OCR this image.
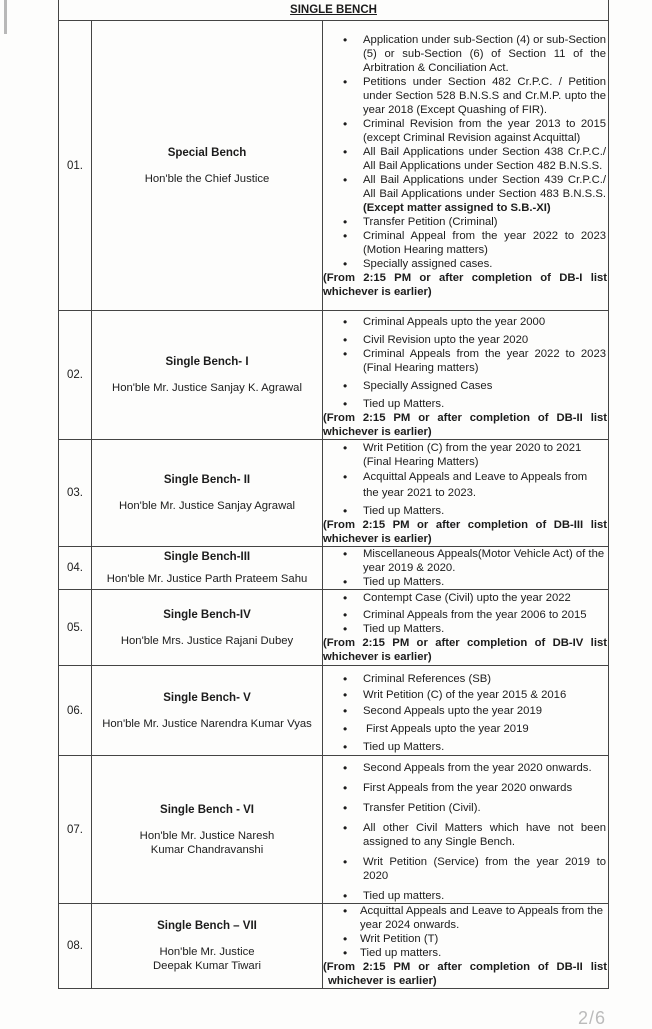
SINGLE BENCH		
01.	
Special Bench
Hon'ble the Chief Justice

• Application under sub-Section (4) or sub-Section (5) or sub-Section (6) of Section 11 of the Arbitration & Conciliation Act.
• Petitions under Section 482 Cr.P.C. / Petition under Section 528 B.N.S.S and Cr.M.P. upto the year 2018 (Except Quashing of FIR).
• Criminal Revision from the year 2013 to 2015 (except Criminal Revision against Acquittal)
• All Bail Applications under Section 438 Cr.P.C./ All Bail Applications under Section 482 B.N.S.S.
• All Bail Applications under Section 439 Cr.P.C./ All Bail Applications under Section 483 B.N.S.S. (Except matter assigned to S.B.-XI)
• Transfer Petition (Criminal)
• Criminal Appeal from the year 2022 to 2023 (Motion Hearing matters)
• Specially assigned cases.
(From 2:15 PM or after completion of DB-I list
whichever is earlier)

02.	
Single Bench- I
Hon'ble Mr. Justice Sanjay K. Agrawal

• Criminal Appeals upto the year 2000
• Civil Revision upto the year 2020
• Criminal Appeals from the year 2022 to 2023 (Final Hearing matters)
• Specially Assigned Cases
• Tied up Matters.
(From 2:15 PM or after completion of DB-II list
whichever is earlier)

03.	
Single Bench- II
Hon'ble Mr. Justice Sanjay Agrawal

• Writ Petition (C) from the year 2020 to 2021 (Final Hearing Matters)
• Acquittal Appeals and Leave to Appeals from the year 2021 to 2023.
• Tied up Matters.
(From 2:15 PM or after completion of DB-III list
whichever is earlier)

04.	
Single Bench-III
Hon'ble Mr. Justice Parth Prateem Sahu

• Miscellaneous Appeals(Motor Vehicle Act) of the year 2019 & 2020.
• Tied up Matters.

05.	
Single Bench-IV
Hon'ble Mrs. Justice Rajani Dubey

• Contempt Case (Civil) upto the year 2022
• Criminal Appeals from the year 2006 to 2015
• Tied up Matters.
(From 2:15 PM or after completion of DB-IV list
whichever is earlier)

06.	
Single Bench- V
Hon'ble Mr. Justice Narendra Kumar Vyas

• Criminal References (SB)
• Writ Petition (C) of the year 2015 & 2016
• Second Appeals upto the year 2019
• First Appeals upto the year 2019
• Tied up Matters.

07.	
Single Bench - VI
Hon'ble Mr. Justice Naresh Kumar Chandravanshi

• Second Appeals from the year 2020 onwards.
• First Appeals from the year 2020 onwards
• Transfer Petition (Civil).
• All other Civil Matters which have not been assigned to any Single Bench.
• Writ Petition (Service) from the year 2019 to 2020
• Tied up matters.

08.	
Single Bench – VII
Hon'ble Mr. Justice Deepak Kumar Tiwari

• Acquittal Appeals and Leave to Appeals from the year 2024 onwards.
• Writ Petition (T)
• Tied up matters.
(From 2:15 PM or after completion of DB-II list
whichever is earlier)
2/6
